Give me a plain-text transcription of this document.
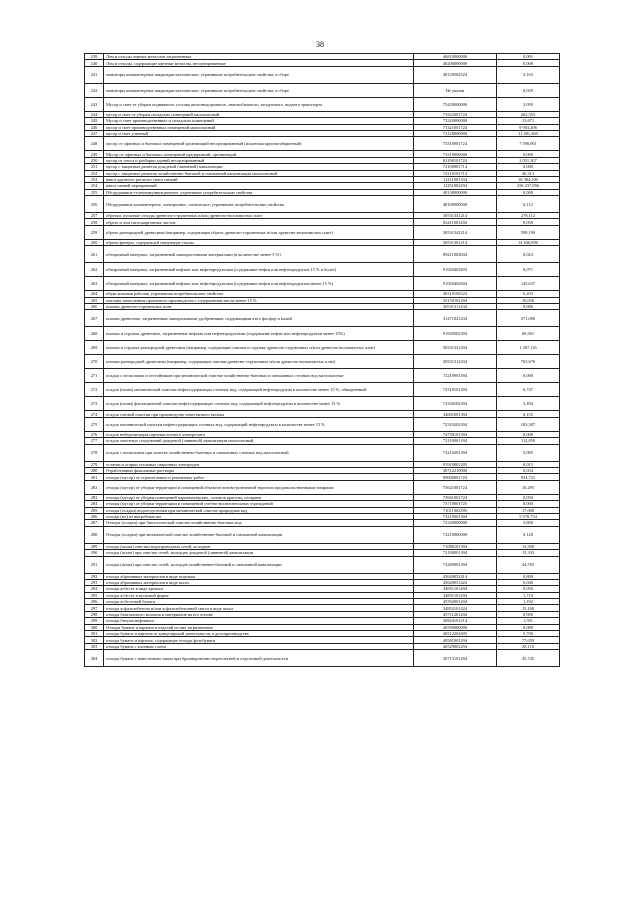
38
239	Лом и отходы черных металлов загрязненные	46810000000	0,001
240	Лом и отходы, содержащие цветные металлы, несортированные	46200000000	0,000
241	мониторы компьютерные жидкокристаллические, утратившие потребительские свойства, в сборе	48120502524	3,163
242	мониторы компьютерные жидкокристаллические, утратившие потребительские свойства, в сборе	Не указан	0,029
243	Мусор и смет от уборки подвижного состава железнодорожного, автомобильного, воздушного, водного транспорта	73420000000	3,050
244	мусор и смет от уборки складских помещений малоопасный	73322001724	262,353
245	Мусор и смет производственных и складских помещений	73320000000	13,671
246	мусор и смет производственных помещений малоопасный	73321001724	9 903,206
247	мусор и смет уличный	73120000000	11 491,360
248	мусор от офисных и бытовых помещений организаций несортированный (исключая крупногабаритный)	73310001724	7 590,061
249	Мусор от офисных и бытовых помещений предприятий, организаций	73310000000	0,000
250	мусор от сноса и разборки зданий несортированный	81290101724	2 051,307
251	мусор с защитных решеток дождевой (ливневой) канализации	72100001714	0,000
252	мусор с защитных решеток хозяйственно-бытовой и смешанной канализации малоопасный	72210101714	40,313
253	навоз крупного рогатого скота свежий	11211001334	16 384,100
254	навоз свиней перепревший	11251002294	256 237,956
255	Оборудование телекоммуникационное, утратившее потребительские свойства	48130000000	0,000
256	Оборудование компьютерное, электронное, оптическое, утратившее потребительские свойства	48100000000	0,112
257	обрезки, кусковые отходы древесно-стружечных и/или древесно-волокнистых плит	30531341214	278,112
258	обрезь и лом гипсокартонных листов	82411001204	9,050
259	обрезь разнородной древесины (например, содержащая обрезь древесно-стружечных и/или древесно-волокнистых плит)	30531342214	598,190
260	обрезь фанеры, содержащей связующие смолы	30531301214	14 646,896
261	обтирочный материал, загрязненный лакокрасочными материалами (в количестве менее 5 %)	89211002604	0,023
262	обтирочный материал, загрязненный нефтью или нефтепродуктами (содержание нефти или нефтепродуктов 15 % и более)	91920401603	0,071
263	обтирочный материал, загрязненный нефтью или нефтепродуктами (содержание нефти или нефтепродуктов менее 15 %)	91920402604	145,637
264	обувь кожаная рабочая, утратившая потребительские свойства	40310100524	6,203
265	окалина замасленная прокатного производства с содержанием масла менее 15 %	35150102294	10,036
266	опилки древесно-стружечных плит	30531311434	9,686
267	опилки древесные, загрязненные минеральными удобрениями, содержащими азот, фосфор и калий	31471021434	371,000
268	опилки и стружка древесные, загрязненные нефтью или нефтепродуктами (содержание нефти или нефтепродуктов менее 15%)	91920502394	69,561
269	опилки и стружка разнородной древесины (например, содержащие опилки и стружку древесно-стружечных и/или древесно-волокнистых плит)	30531331204	1 307,116
270	опилки разнородной древесины (например, содержащие опилки древесно-стружечных и/или древесно-волокнистых плит)	30531312434	763,676
271	осадки с песколовок и отстойников при механической очистке хозяйственно-бытовых и смешанных сточных вод малоопасные	72210901394	0,000
272	осадок (шлам) механической очистки нефтесодержащих сточных вод, содержащий нефтепродукты в количестве менее 15 %, обводненный	72310101394	6,747
273	осадок (шлам) флотационной очистки нефтесодержащих сточных вод, содержащий нефтепродукты в количестве менее 15 %	72330102394	3,494
274	осадок газовой очистки при производстве известкового молока	34691001394	0,155
275	осадок механической очистки нефтесодержащих сточных вод, содержащий нефтепродукты в количестве менее 15 %	72310202394	183,307
276	осадок нейтрализации сернокислотного электролита	74730101394	0,000
277	осадок очистных сооружений дождевой (ливневой) канализации малоопасный	72110001394	112,050
278	осадок с песколовок при очистке хозяйственно-бытовых и смешанных сточных вод малоопасный	72210201394	5,005
279	остатки и огарки стальных сварочных электродов	91910001205	0,015
280	Отработанные фиксажные растворы	30712210000	0,054
281	отходы (мусор) от строительных и ремонтных работ	89000001724	934,721
282	отходы (мусор) от уборки территории и помещений объектов оптово-розничной торговли продовольственными товарами	73621001724	10,295
283	отходы (мусор) от уборки помещений парикмахерских, салонов красоты, соляриев	73941001724	0,050
284	отходы (мусор) от уборки территории и помещений учебно-воспитательных учреждений	73710001725	8,000
285	отходы (осадки) водоподготовки при механической очистке природных вод	71011002395	17,000
286	отходы (ил) из выгребных ям	73210001304	5 578,754
287	Отходы (осадки) при биологической очистке хозяйственно-бытовых вод	72320000000	3,800
288	Отходы (осадки) при механической очистке хозяйственно-бытовой и смешанной канализации	72210000000	0,120
289	отходы (шлам) очистки водопроводных сетей, колодцев	71080101394	13,500
290	отходы (шлам) при очистке сетей, колодцев дождевой (ливневой) канализации	72180001394	15,333
291	отходы (шлам) при очистке сетей, колодцев хозяйственно-бытовой и смешанной канализации	72280001394	44,783
292	отходы абразивных материалов в виде порошка	45620052414	0,808
293	отходы абразивных материалов в виде пыли	45620051424	0,040
294	отходы асбеста в виде крошки	34851101494	0,050
295	отходы асбеста в кусковой форме	34851101204	1,710
296	отходы асбестовой бумаги	45592001204	1,192
297	отходы асфальтобетона и/или асфальтобетонной смеси в виде пыли	34852101424	15,160
298	отходы базальтового волокна и материалов на его основе	45711201204	0,900
299	отходы битума нефтяного	30824101214	1,591
300	Отходы бумаги и картона и изделий из них загрязненные	40590000000	0,080
301	отходы бумаги и картона от канцелярской деятельности и делопроизводства	40512202605	5,700
302	отходы бумаги и картона, содержащие отходы фотобумаги	40581001294	77,059
303	отходы бумаги с клеевым слоем	40529002294	28,110
304	отходы бумаги с нанесенным лаком при брошюровочно-переплетной и отделочной деятельности	30713101294	45,745
